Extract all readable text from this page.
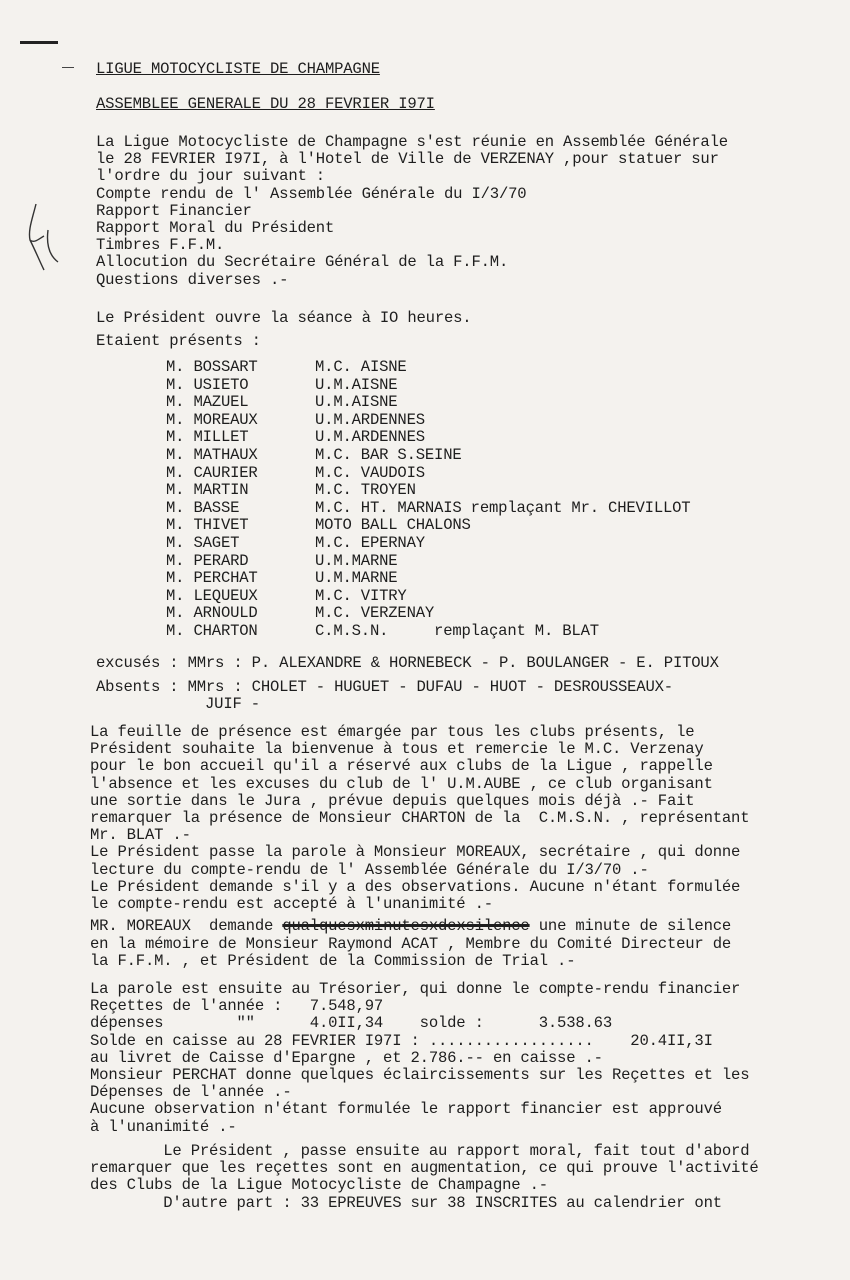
LIGUE MOTOCYCLISTE DE CHAMPAGNE
ASSEMBLEE GENERALE DU 28 FEVRIER I97I
La Ligue Motocycliste de Champagne s'est réunie en Assemblée Générale
le 28 FEVRIER I97I, à l'Hotel de Ville de VERZENAY ,pour statuer sur
l'ordre du jour suivant :
Compte rendu de l' Assemblée Générale du I/3/70
Rapport Financier
Rapport Moral du Président
Timbres F.F.M.
Allocution du Secrétaire Général de la F.F.M.
Questions diverses .-
Le Président ouvre la séance à IO heures.
Etaient présents :
M. BOSSART	M.C. AISNE
M. USIETO	U.M.AISNE
M. MAZUEL	U.M.AISNE
M. MOREAUX	U.M.ARDENNES
M. MILLET	U.M.ARDENNES
M. MATHAUX	M.C. BAR S.SEINE
M. CAURIER	M.C. VAUDOIS
M. MARTIN	M.C. TROYEN
M. BASSE	M.C. HT. MARNAIS remplaçant Mr. CHEVILLOT
M. THIVET	MOTO BALL CHALONS
M. SAGET	M.C. EPERNAY
M. PERARD	U.M.MARNE
M. PERCHAT	U.M.MARNE
M. LEQUEUX	M.C. VITRY
M. ARNOULD	M.C. VERZENAY
M. CHARTON	C.M.S.N.     remplaçant M. BLAT
excusés : MMrs : P. ALEXANDRE & HORNEBECK - P. BOULANGER - E. PITOUX
Absents : MMrs : CHOLET - HUGUET - DUFAU - HUOT - DESROUSSEAUX-
JUIF -
La feuille de présence est émargée par tous les clubs présents, le
Président souhaite la bienvenue à tous et remercie le M.C. Verzenay
pour le bon accueil qu'il a réservé aux clubs de la Ligue , rappelle
l'absence et les excuses du club de l' U.M.AUBE , ce club organisant
une sortie dans le Jura , prévue depuis quelques mois déjà .- Fait
remarquer la présence de Monsieur CHARTON de la  C.M.S.N. , représentant
Mr. BLAT .-
Le Président passe la parole à Monsieur MOREAUX, secrétaire , qui donne
lecture du compte-rendu de l' Assemblée Générale du I/3/70 .-
Le Président demande s'il y a des observations. Aucune n'étant formulée
le compte-rendu est accepté à l'unanimité .-
MR. MOREAUX  demande qualquesxminutesxdexsilence une minute de silence
en la mémoire de Monsieur Raymond ACAT , Membre du Comité Directeur de
la F.F.M. , et Président de la Commission de Trial .-
La parole est ensuite au Trésorier, qui donne le compte-rendu financier
Reçettes de l'année :   7.548,97
dépenses        ""      4.0II,34    solde :      3.538.63
Solde en caisse au 28 FEVRIER I97I : ..................    20.4II,3I
au livret de Caisse d'Epargne , et 2.786.-- en caisse .-
Monsieur PERCHAT donne quelques éclaircissements sur les Reçettes et les
Dépenses de l'année .-
Aucune observation n'étant formulée le rapport financier est approuvé
à l'unanimité .-
Le Président , passe ensuite au rapport moral, fait tout d'abord
remarquer que les reçettes sont en augmentation, ce qui prouve l'activité
des Clubs de la Ligue Motocycliste de Champagne .-
D'autre part : 33 EPREUVES sur 38 INSCRITES au calendrier ont
